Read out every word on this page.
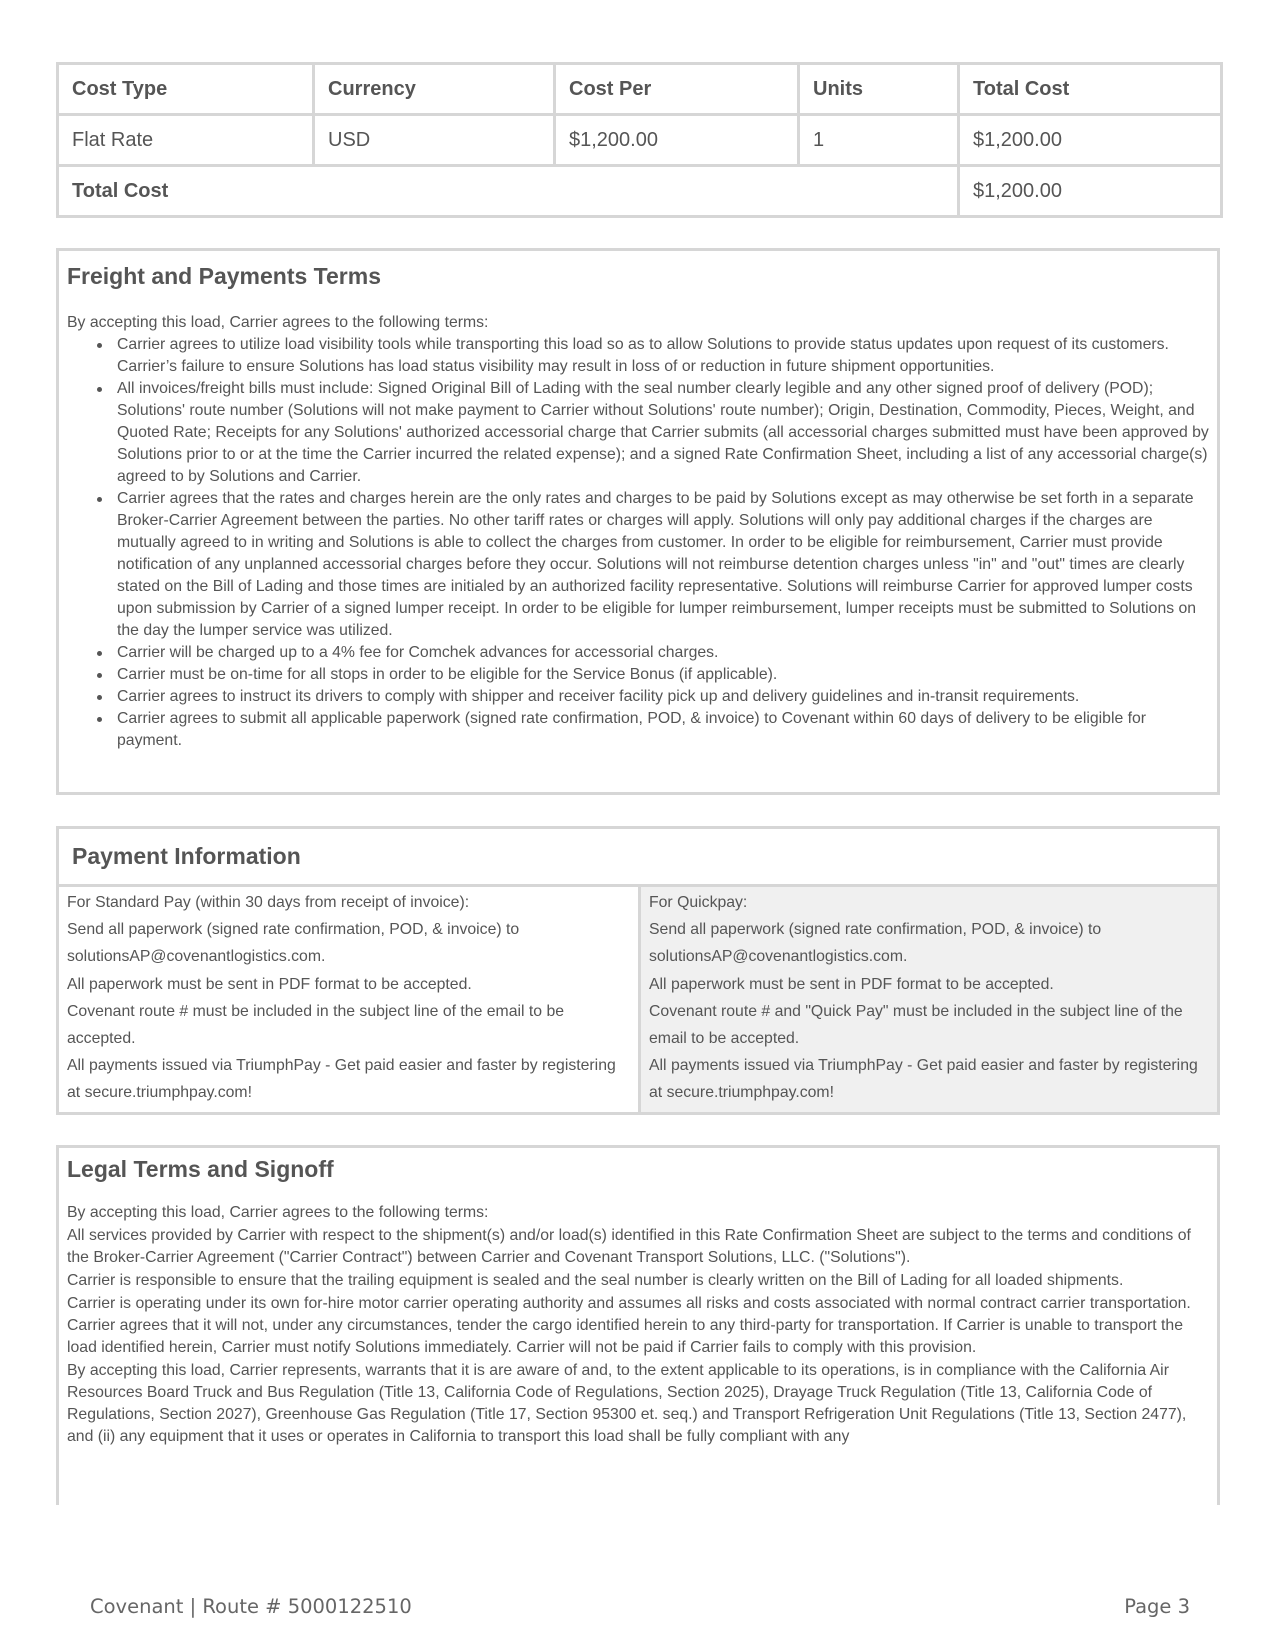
Cost Type	Currency	Cost Per	Units	Total Cost
Flat Rate	USD	$1,200.00	1	$1,200.00
Total Cost				$1,200.00
Freight and Payments Terms
By accepting this load, Carrier agrees to the following terms:
Carrier agrees to utilize load visibility tools while transporting this load so as to allow Solutions to provide status updates upon request of its customers. Carrier’s failure to ensure Solutions has load status visibility may result in loss of or reduction in future shipment opportunities.
All invoices/freight bills must include: Signed Original Bill of Lading with the seal number clearly legible and any other signed proof of delivery (POD); Solutions' route number (Solutions will not make payment to Carrier without Solutions' route number); Origin, Destination, Commodity, Pieces, Weight, and Quoted Rate; Receipts for any Solutions' authorized accessorial charge that Carrier submits (all accessorial charges submitted must have been approved by Solutions prior to or at the time the Carrier incurred the related expense); and a signed Rate Confirmation Sheet, including a list of any accessorial charge(s) agreed to by Solutions and Carrier.
Carrier agrees that the rates and charges herein are the only rates and charges to be paid by Solutions except as may otherwise be set forth in a separate Broker-Carrier Agreement between the parties. No other tariff rates or charges will apply. Solutions will only pay additional charges if the charges are mutually agreed to in writing and Solutions is able to collect the charges from customer. In order to be eligible for reimbursement, Carrier must provide notification of any unplanned accessorial charges before they occur. Solutions will not reimburse detention charges unless "in" and "out" times are clearly stated on the Bill of Lading and those times are initialed by an authorized facility representative. Solutions will reimburse Carrier for approved lumper costs upon submission by Carrier of a signed lumper receipt. In order to be eligible for lumper reimbursement, lumper receipts must be submitted to Solutions on the day the lumper service was utilized.
Carrier will be charged up to a 4% fee for Comchek advances for accessorial charges.
Carrier must be on-time for all stops in order to be eligible for the Service Bonus (if applicable).
Carrier agrees to instruct its drivers to comply with shipper and receiver facility pick up and delivery guidelines and in-transit requirements.
Carrier agrees to submit all applicable paperwork (signed rate confirmation, POD, & invoice) to Covenant within 60 days of delivery to be eligible for payment.
Payment Information

For Standard Pay (within 30 days from receipt of invoice):

Send all paperwork (signed rate confirmation, POD, & invoice) to solutionsAP@covenantlogistics.com.

All paperwork must be sent in PDF format to be accepted.

Covenant route # must be included in the subject line of the email to be accepted.

All payments issued via TriumphPay - Get paid easier and faster by registering at secure.triumphpay.com!

For Quickpay:

Send all paperwork (signed rate confirmation, POD, & invoice) to solutionsAP@covenantlogistics.com.

All paperwork must be sent in PDF format to be accepted.

Covenant route # and "Quick Pay" must be included in the subject line of the email to be accepted.

All payments issued via TriumphPay - Get paid easier and faster by registering at secure.triumphpay.com!

Legal Terms and Signoff

By accepting this load, Carrier agrees to the following terms:

All services provided by Carrier with respect to the shipment(s) and/or load(s) identified in this Rate Confirmation Sheet are subject to the terms and conditions of the Broker-Carrier Agreement ("Carrier Contract") between Carrier and Covenant Transport Solutions, LLC. ("Solutions").

Carrier is responsible to ensure that the trailing equipment is sealed and the seal number is clearly written on the Bill of Lading for all loaded shipments.

Carrier is operating under its own for-hire motor carrier operating authority and assumes all risks and costs associated with normal contract carrier transportation. Carrier agrees that it will not, under any circumstances, tender the cargo identified herein to any third-party for transportation. If Carrier is unable to transport the load identified herein, Carrier must notify Solutions immediately. Carrier will not be paid if Carrier fails to comply with this provision.

By accepting this load, Carrier represents, warrants that it is are aware of and, to the extent applicable to its operations, is in compliance with the California Air Resources Board Truck and Bus Regulation (Title 13, California Code of Regulations, Section 2025), Drayage Truck Regulation (Title 13, California Code of Regulations, Section 2027), Greenhouse Gas Regulation (Title 17, Section 95300 et. seq.) and Transport Refrigeration Unit Regulations (Title 13, Section 2477), and (ii) any equipment that it uses or operates in California to transport this load shall be fully compliant with any

Covenant | Route # 5000122510	Page 3
